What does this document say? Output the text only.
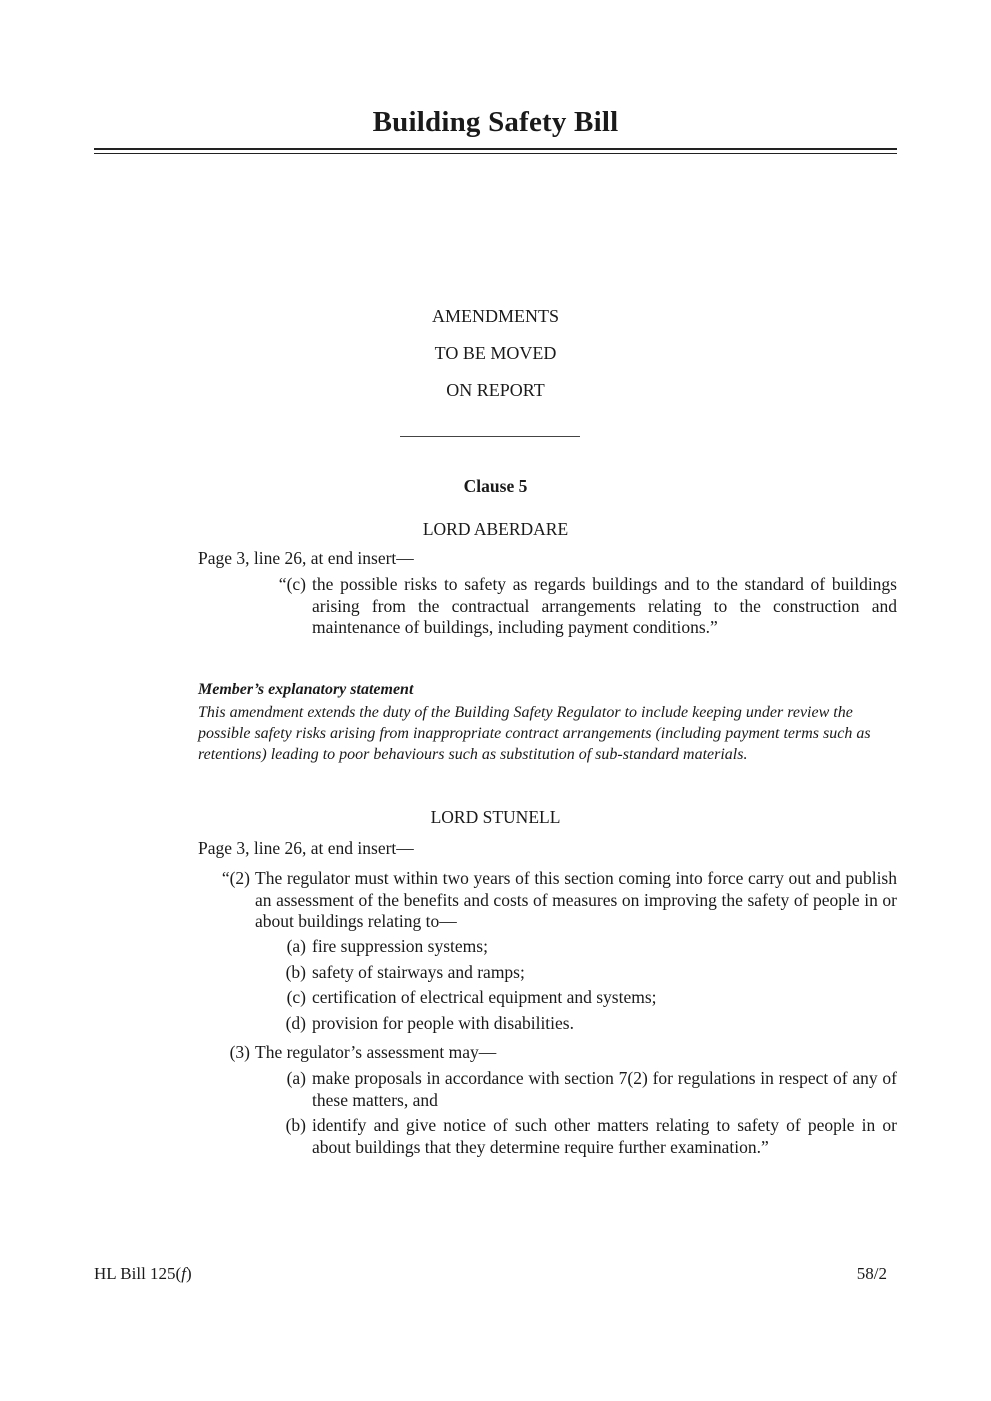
Building Safety Bill
AMENDMENTS
TO BE MOVED
ON REPORT
Clause 5
LORD ABERDARE
Page 3, line 26, at end insert—
“(c) the possible risks to safety as regards buildings and to the standard of buildings arising from the contractual arrangements relating to the construction and maintenance of buildings, including payment conditions.”
Member’s explanatory statement
This amendment extends the duty of the Building Safety Regulator to include keeping under review the possible safety risks arising from inappropriate contract arrangements (including payment terms such as retentions) leading to poor behaviours such as substitution of sub-standard materials.
LORD STUNELL
Page 3, line 26, at end insert—
“(2) The regulator must within two years of this section coming into force carry out and publish an assessment of the benefits and costs of measures on improving the safety of people in or about buildings relating to—
(a) fire suppression systems;
(b) safety of stairways and ramps;
(c) certification of electrical equipment and systems;
(d) provision for people with disabilities.
(3) The regulator’s assessment may—
(a) make proposals in accordance with section 7(2) for regulations in respect of any of these matters, and
(b) identify and give notice of such other matters relating to safety of people in or about buildings that they determine require further examination.”
HL Bill 125(f)	58/2
